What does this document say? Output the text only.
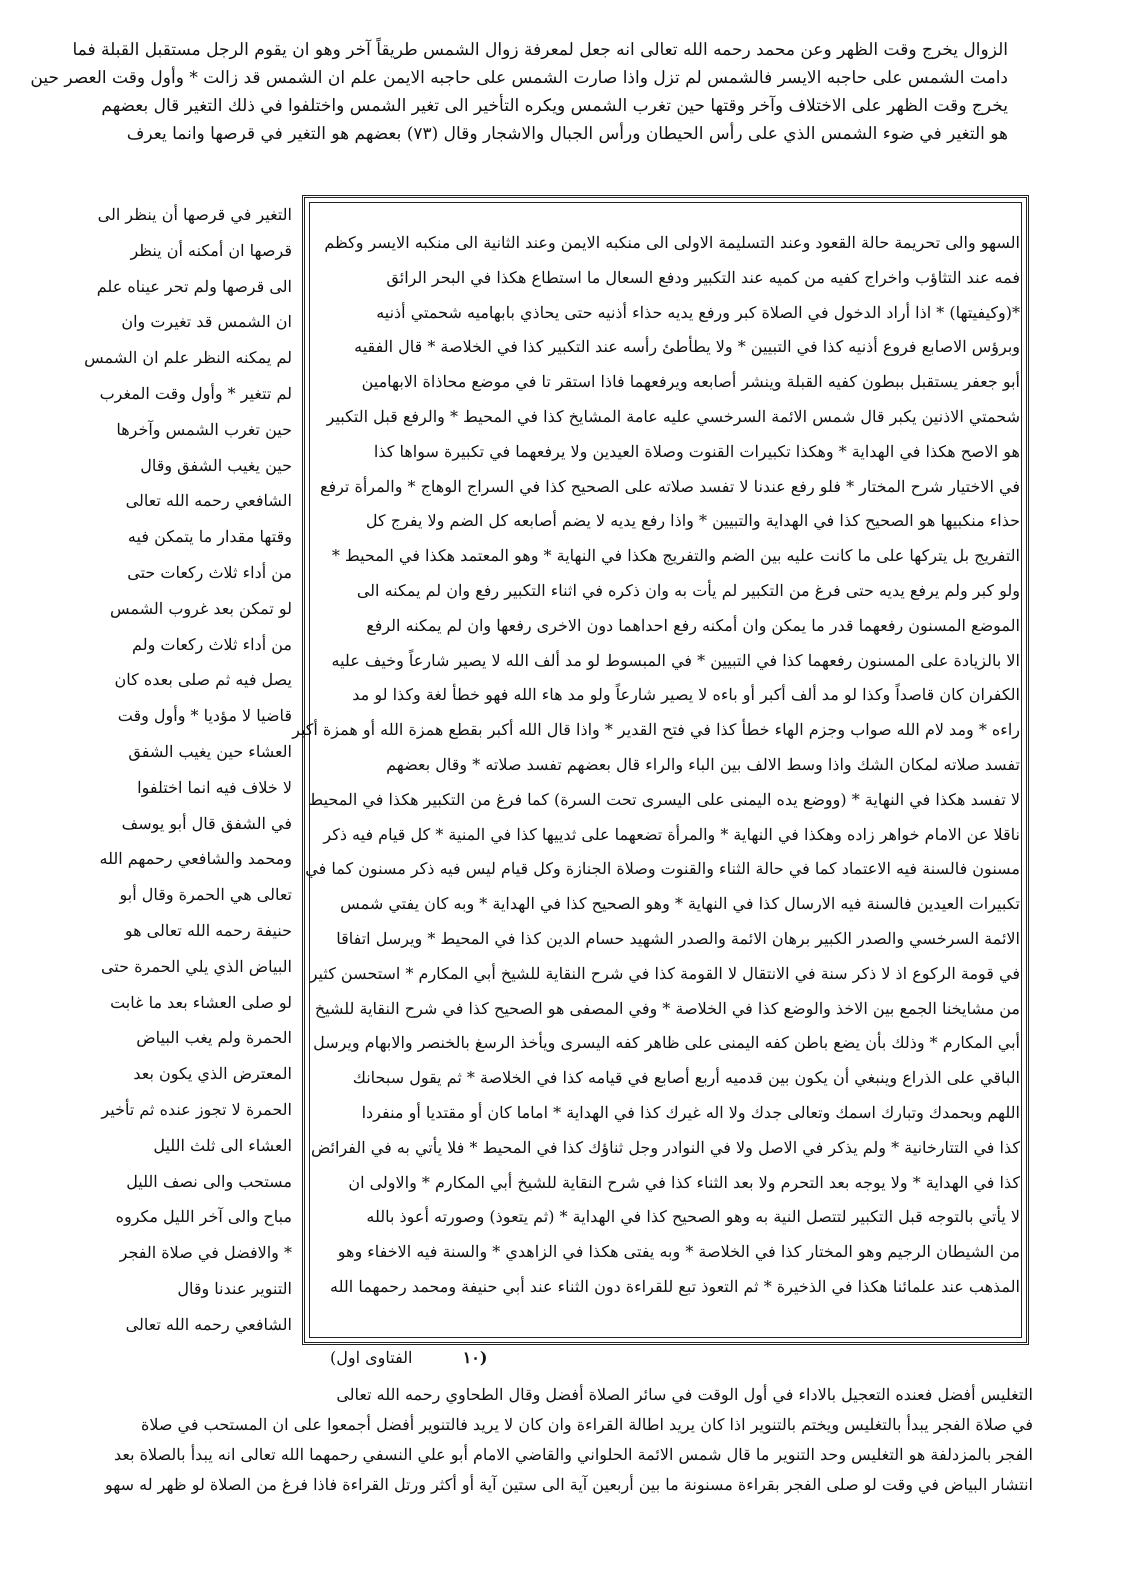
الزوال يخرج وقت الظهر وعن محمد رحمه الله تعالى انه جعل لمعرفة زوال الشمس طريقاً آخر وهو ان يقوم الرجل مستقبل القبلة فما
دامت الشمس على حاجبه الايسر فالشمس لم تزل واذا صارت الشمس على حاجبه الايمن علم ان الشمس قد زالت * وأول وقت العصر حين
يخرج وقت الظهر على الاختلاف وآخر وقتها حين تغرب الشمس ويكره التأخير الى تغير الشمس واختلفوا في ذلك التغير قال بعضهم
هو التغير في ضوء الشمس الذي على رأس الحيطان ورأس الجبال والاشجار وقال (٧٣) بعضهم هو التغير في قرصها وانما يعرف
السهو والى تحريمة حالة القعود وعند التسليمة الاولى الى منكبه الايمن وعند الثانية الى منكبه الايسر وكظم
فمه عند التثاؤب واخراج كفيه من كميه عند التكبير ودفع السعال ما استطاع هكذا في البحر الرائق
*(وكيفيتها) * اذا أراد الدخول في الصلاة كبر ورفع يديه حذاء أذنيه حتى يحاذي بابهاميه شحمتي أذنيه
وبرؤس الاصابع فروع أذنيه كذا في التبيين * ولا يطأطئ رأسه عند التكبير كذا في الخلاصة * قال الفقيه
أبو جعفر يستقبل ببطون كفيه القبلة وينشر أصابعه ويرفعهما فاذا استقر تا في موضع محاذاة الابهامين
شحمتي الاذنين يكبر قال شمس الائمة السرخسي عليه عامة المشايخ كذا في المحيط * والرفع قبل التكبير
هو الاصح هكذا في الهداية * وهكذا تكبيرات القنوت وصلاة العيدين ولا يرفعهما في تكبيرة سواها كذا
في الاختيار شرح المختار * فلو رفع عندنا لا تفسد صلاته على الصحيح كذا في السراج الوهاج * والمرأة ترفع
حذاء منكبيها هو الصحيح كذا في الهداية والتبيين * واذا رفع يديه لا يضم أصابعه كل الضم ولا يفرج كل
التفريج بل يتركها على ما كانت عليه بين الضم والتفريج هكذا في النهاية * وهو المعتمد هكذا في المحيط *
ولو كبر ولم يرفع يديه حتى فرغ من التكبير لم يأت به وان ذكره في اثناء التكبير رفع وان لم يمكنه الى
الموضع المسنون رفعهما قدر ما يمكن وان أمكنه رفع احداهما دون الاخرى رفعها وان لم يمكنه الرفع
الا بالزيادة على المسنون رفعهما كذا في التبيين * في المبسوط لو مد ألف الله لا يصير شارعاً وخيف عليه
الكفران كان قاصداً وكذا لو مد ألف أكبر أو باءه لا يصير شارعاً ولو مد هاء الله فهو خطأ لغة وكذا لو مد
راءه * ومد لام الله صواب وجزم الهاء خطأ كذا في فتح القدير * واذا قال الله أكبر بقطع همزة الله أو همزة أكبر
تفسد صلاته لمكان الشك واذا وسط الالف بين الباء والراء قال بعضهم تفسد صلاته * وقال بعضهم
لا تفسد هكذا في النهاية * (ووضع يده اليمنى على اليسرى تحت السرة) كما فرغ من التكبير هكذا في المحيط
ناقلا عن الامام خواهر زاده وهكذا في النهاية * والمرأة تضعهما على ثدييها كذا في المنية * كل قيام فيه ذكر
مسنون فالسنة فيه الاعتماد كما في حالة الثناء والقنوت وصلاة الجنازة وكل قيام ليس فيه ذكر مسنون كما في
تكبيرات العيدين فالسنة فيه الارسال كذا في النهاية * وهو الصحيح كذا في الهداية * وبه كان يفتي شمس
الائمة السرخسي والصدر الكبير برهان الائمة والصدر الشهيد حسام الدين كذا في المحيط * ويرسل اتفاقا
في قومة الركوع اذ لا ذكر سنة في الانتقال لا القومة كذا في شرح النقاية للشيخ أبي المكارم * استحسن كثير
من مشايخنا الجمع بين الاخذ والوضع كذا في الخلاصة * وفي المصفى هو الصحيح كذا في شرح النقاية للشيخ
أبي المكارم * وذلك بأن يضع باطن كفه اليمنى على ظاهر كفه اليسرى ويأخذ الرسغ بالخنصر والابهام ويرسل
الباقي على الذراع وينبغي أن يكون بين قدميه أربع أصابع في قيامه كذا في الخلاصة * ثم يقول سبحانك
اللهم وبحمدك وتبارك اسمك وتعالى جدك ولا اله غيرك كذا في الهداية * اماما كان أو مقتديا أو منفردا
كذا في التتارخانية * ولم يذكر في الاصل ولا في النوادر وجل ثناؤك كذا في المحيط * فلا يأتي به في الفرائض
كذا في الهداية * ولا يوجه بعد التحرم ولا بعد الثناء كذا في شرح النقاية للشيخ أبي المكارم * والاولى ان
لا يأتي بالتوجه قبل التكبير لتتصل النية به وهو الصحيح كذا في الهداية * (ثم يتعوذ) وصورته أعوذ بالله
من الشيطان الرجيم وهو المختار كذا في الخلاصة * وبه يفتى هكذا في الزاهدي * والسنة فيه الاخفاء وهو
المذهب عند علمائنا هكذا في الذخيرة * ثم التعوذ تبع للقراءة دون الثناء عند أبي حنيفة ومحمد رحمهما الله
التغير في قرصها أن ينظر الى
قرصها ان أمكنه أن ينظر
الى قرصها ولم تحر عيناه علم
ان الشمس قد تغيرت وان
لم يمكنه النظر علم ان الشمس
لم تتغير * وأول وقت المغرب
حين تغرب الشمس وآخرها
حين يغيب الشفق وقال
الشافعي رحمه الله تعالى
وقتها مقدار ما يتمكن فيه
من أداء ثلاث ركعات حتى
لو تمكن بعد غروب الشمس
من أداء ثلاث ركعات ولم
يصل فيه ثم صلى بعده كان
قاضيا لا مؤديا * وأول وقت
العشاء حين يغيب الشفق
لا خلاف فيه انما اختلفوا
في الشفق قال أبو يوسف
ومحمد والشافعي رحمهم الله
تعالى هي الحمرة وقال أبو
حنيفة رحمه الله تعالى هو
البياض الذي يلي الحمرة حتى
لو صلى العشاء بعد ما غابت
الحمرة ولم يغب البياض
المعترض الذي يكون بعد
الحمرة لا تجوز عنده ثم تأخير
العشاء الى ثلث الليل
مستحب والى نصف الليل
مباح والى آخر الليل مكروه
* والافضل في صلاة الفجر
التنوير عندنا وقال
الشافعي رحمه الله تعالى
(١٠  الفتاوى اول)
التغليس أفضل فعنده التعجيل بالاداء في أول الوقت في سائر الصلاة أفضل وقال الطحاوي رحمه الله تعالى
في صلاة الفجر يبدأ بالتغليس ويختم بالتنوير اذا كان يريد اطالة القراءة وان كان لا يريد فالتنوير أفضل أجمعوا على ان المستحب في صلاة
الفجر بالمزدلفة هو التغليس وحد التنوير ما قال شمس الائمة الحلواني والقاضي الامام أبو علي النسفي رحمهما الله تعالى انه يبدأ بالصلاة بعد
انتشار البياض في وقت لو صلى الفجر بقراءة مسنونة ما بين أربعين آية الى ستين آية أو أكثر ورتل القراءة فاذا فرغ من الصلاة لو ظهر له سهو
